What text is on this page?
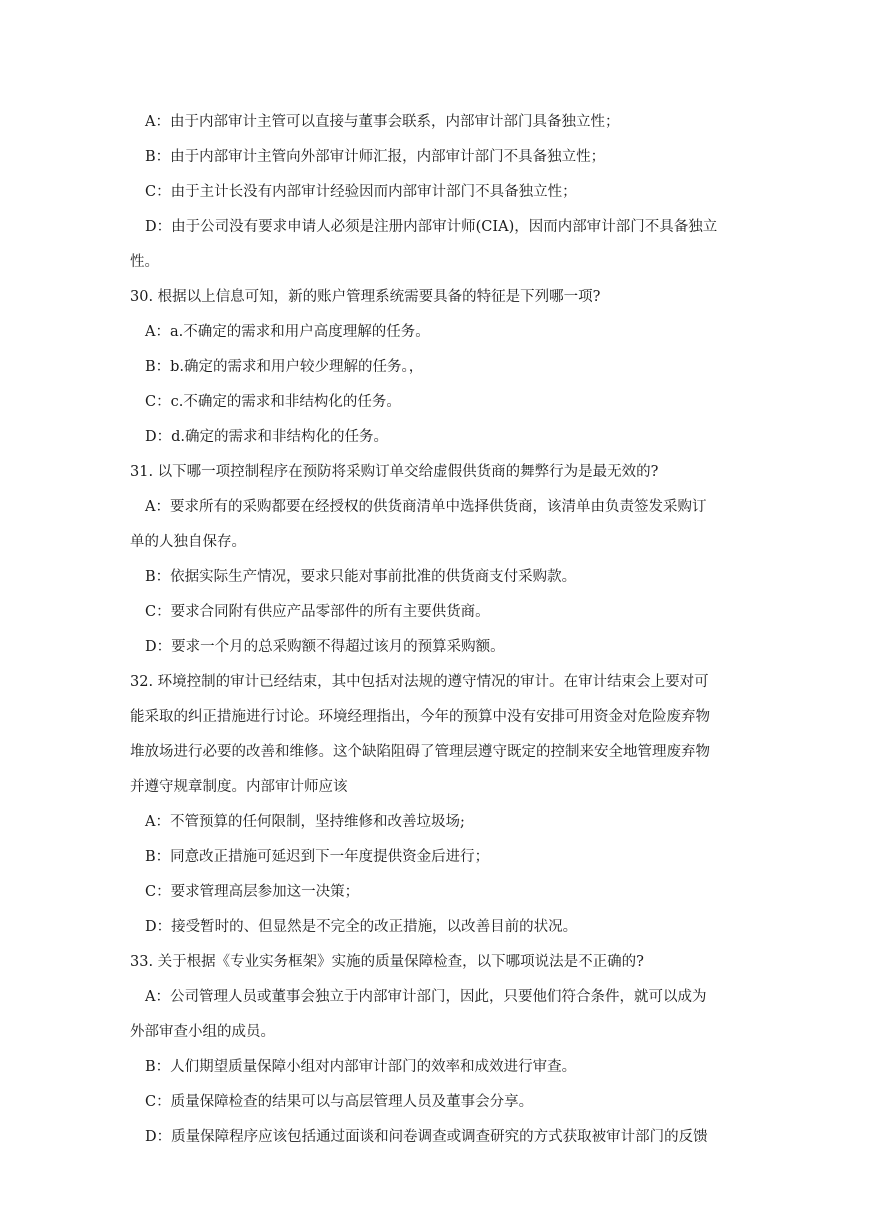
A：由于内部审计主管可以直接与董事会联系，内部审计部门具备独立性；
B：由于内部审计主管向外部审计师汇报，内部审计部门不具备独立性；
C：由于主计长没有内部审计经验因而内部审计部门不具备独立性；
D：由于公司没有要求申请人必须是注册内部审计师(CIA)，因而内部审计部门不具备独立
性。
30. 根据以上信息可知，新的账户管理系统需要具备的特征是下列哪一项?
A：a.不确定的需求和用户高度理解的任务。
B：b.确定的需求和用户较少理解的任务。，
C：c.不确定的需求和非结构化的任务。
D：d.确定的需求和非结构化的任务。
31. 以下哪一项控制程序在预防将采购订单交给虚假供货商的舞弊行为是最无效的?
A：要求所有的采购都要在经授权的供货商清单中选择供货商，该清单由负责签发采购订
单的人独自保存。
B：依据实际生产情况，要求只能对事前批准的供货商支付采购款。
C：要求合同附有供应产品零部件的所有主要供货商。
D：要求一个月的总采购额不得超过该月的预算采购额。
32. 环境控制的审计已经结束，其中包括对法规的遵守情况的审计。在审计结束会上要对可
能采取的纠正措施进行讨论。环境经理指出，今年的预算中没有安排可用资金对危险废弃物
堆放场进行必要的改善和维修。这个缺陷阻碍了管理层遵守既定的控制来安全地管理废弃物
并遵守规章制度。内部审计师应该
A：不管预算的任何限制，坚持维修和改善垃圾场;
B：同意改正措施可延迟到下一年度提供资金后进行；
C：要求管理高层参加这一决策；
D：接受暂时的、但显然是不完全的改正措施，以改善目前的状况。
33. 关于根据《专业实务框架》实施的质量保障检查，以下哪项说法是不正确的?
A：公司管理人员或董事会独立于内部审计部门，因此，只要他们符合条件，就可以成为
外部审查小组的成员。
B：人们期望质量保障小组对内部审计部门的效率和成效进行审查。
C：质量保障检查的结果可以与高层管理人员及董事会分享。
D：质量保障程序应该包括通过面谈和问卷调查或调查研究的方式获取被审计部门的反馈
